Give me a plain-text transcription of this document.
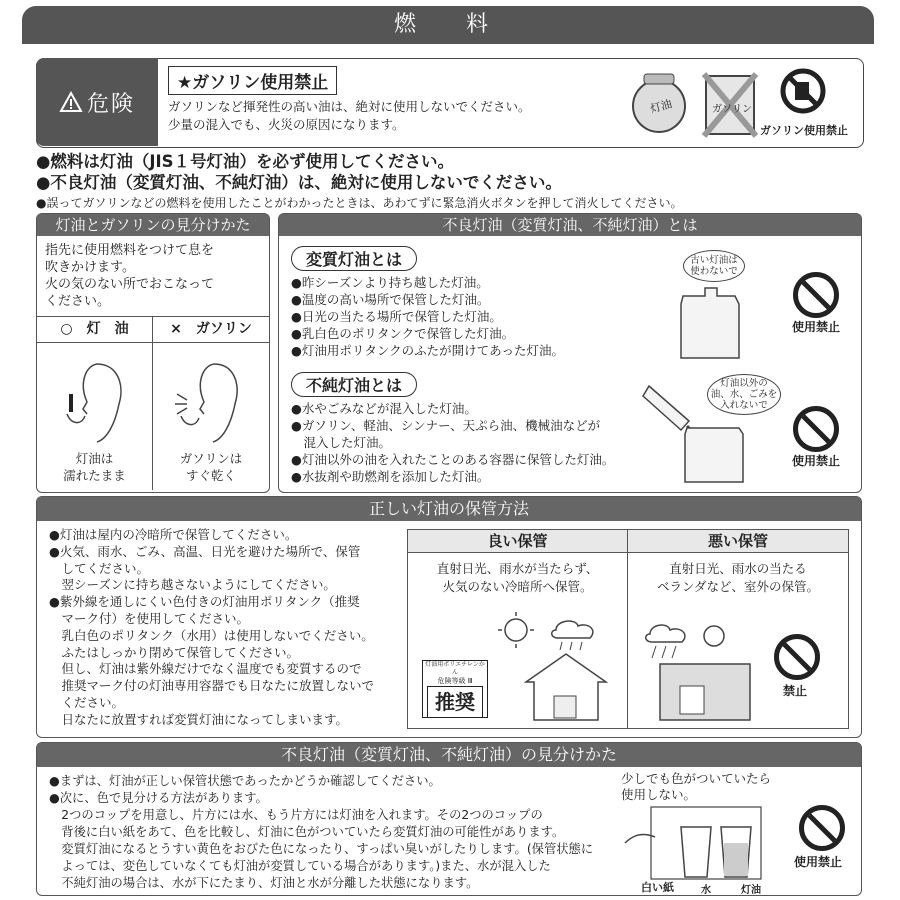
燃　料
危険
★ガソリン使用禁止
ガソリンなど揮発性の高い油は、絶対に使用しないでください。
少量の混入でも、火災の原因になります。
灯油	ガソリン
ガソリン使用禁止
●燃料は灯油（JIS１号灯油）を必ず使用してください。
●不良灯油（変質灯油、不純灯油）は、絶対に使用しないでください。
●誤ってガソリンなどの燃料を使用したことがわかったときは、あわてずに緊急消火ボタンを押して消火してください。
灯油とガソリンの見分けかた
指先に使用燃料をつけて息を
吹きかけます。
火の気のない所でおこなって
ください。
○　灯　油	×　ガソリン
灯油は
濡れたまま
ガソリンは
すぐ乾く
不良灯油（変質灯油、不純灯油）とは
変質灯油とは
●昨シーズンより持ち越した灯油。
●温度の高い場所で保管した灯油。
●日光の当たる場所で保管した灯油。
●乳白色のポリタンクで保管した灯油。
●灯油用ポリタンクのふたが開けてあった灯油。
古い灯油は
使わないで
使用禁止
不純灯油とは
●水やごみなどが混入した灯油。
●ガソリン、軽油、シンナー、天ぷら油、機械油などが
　混入した灯油。
●灯油以外の油を入れたことのある容器に保管した灯油。
●水抜剤や助燃剤を添加した灯油。
灯油以外の
油、水、ごみを
入れないで
使用禁止
正しい灯油の保管方法
●灯油は屋内の冷暗所で保管してください。
●火気、雨水、ごみ、高温、日光を避けた場所で、保管
　してください。
　翌シーズンに持ち越さないようにしてください。
●紫外線を通しにくい色付きの灯油用ポリタンク（推奨
　マーク付）を使用してください。
　乳白色のポリタンク（水用）は使用しないでください。
　ふたはしっかり閉めて保管してください。
　但し、灯油は紫外線だけでなく温度でも変質するので
　推奨マーク付の灯油専用容器でも日なたに放置しないで
　ください。
　日なたに放置すれば変質灯油になってしまいます。
良い保管	悪い保管
直射日光、雨水が当たらず、
火気のない冷暗所へ保管。
直射日光、雨水の当たる
ベランダなど、室外の保管。
灯油用ポリエチレンかん
危険等級 Ⅲ
推奨	禁止
不良灯油（変質灯油、不純灯油）の見分けかた
●まずは、灯油が正しい保管状態であったかどうか確認してください。
●次に、色で見分ける方法があります。
　2つのコップを用意し、片方には水、もう片方には灯油を入れます。その2つのコップの
　背後に白い紙をあて、色を比較し、灯油に色がついていたら変質灯油の可能性があります。
　変質灯油になるとうすい黄色をおびた色になったり、すっぱい臭いがしたりします。(保管状態に
　よっては、変色していなくても灯油が変質している場合があります。)また、水が混入した
　不純灯油の場合は、水が下にたまり、灯油と水が分離した状態になります。
少しでも色がついていたら
使用しない。
白い紙	水	灯油
使用禁止
